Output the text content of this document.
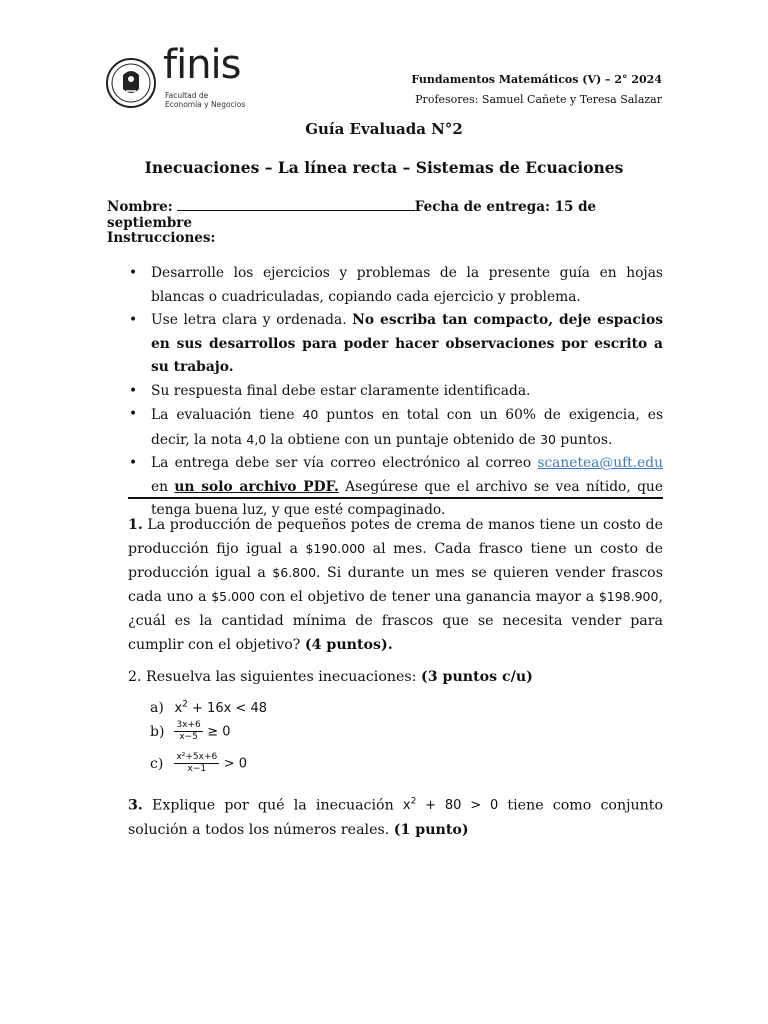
finis
Facultad de
Economía y Negocios
Fundamentos Matemáticos (V) – 2° 2024
Profesores: Samuel Cañete y Teresa Salazar
Guía Evaluada N°2
Inecuaciones – La línea recta – Sistemas de Ecuaciones
Nombre:	Fecha de entrega: 15 de septiembre
Instrucciones:
• Desarrolle los ejercicios y problemas de la presente guía en hojas blancas o cuadriculadas, copiando cada ejercicio y problema.
• Use letra clara y ordenada. No escriba tan compacto, deje espacios en sus desarrollos para poder hacer observaciones por escrito a su trabajo.
• Su respuesta final debe estar claramente identificada.
• La evaluación tiene 40 puntos en total con un 60% de exigencia, es decir, la nota 4,0 la obtiene con un puntaje obtenido de 30 puntos.
• La entrega debe ser vía correo electrónico al correo scanetea@uft.edu en un solo archivo PDF. Asegúrese que el archivo se vea nítido, que tenga buena luz, y que esté compaginado.
1. La producción de pequeños potes de crema de manos tiene un costo de producción fijo igual a $190.000 al mes. Cada frasco tiene un costo de producción igual a $6.800. Si durante un mes se quieren vender frascos cada uno a $5.000 con el objetivo de tener una ganancia mayor a $198.900, ¿cuál es la cantidad mínima de frascos que se necesita vender para cumplir con el objetivo? (4 puntos).
2. Resuelva las siguientes inecuaciones: (3 puntos c/u)
a) $x^2 + 16x < 48$
$b) \frac{3x+6}{x-5} \ge 0$
$c) \frac{\text{x²+5x+6}}{x-1} > 0$
3. Explique por qué la inecuación $x^2 + 80 > 0$ tiene como conjunto solución a todos los números reales. (1 punto)
